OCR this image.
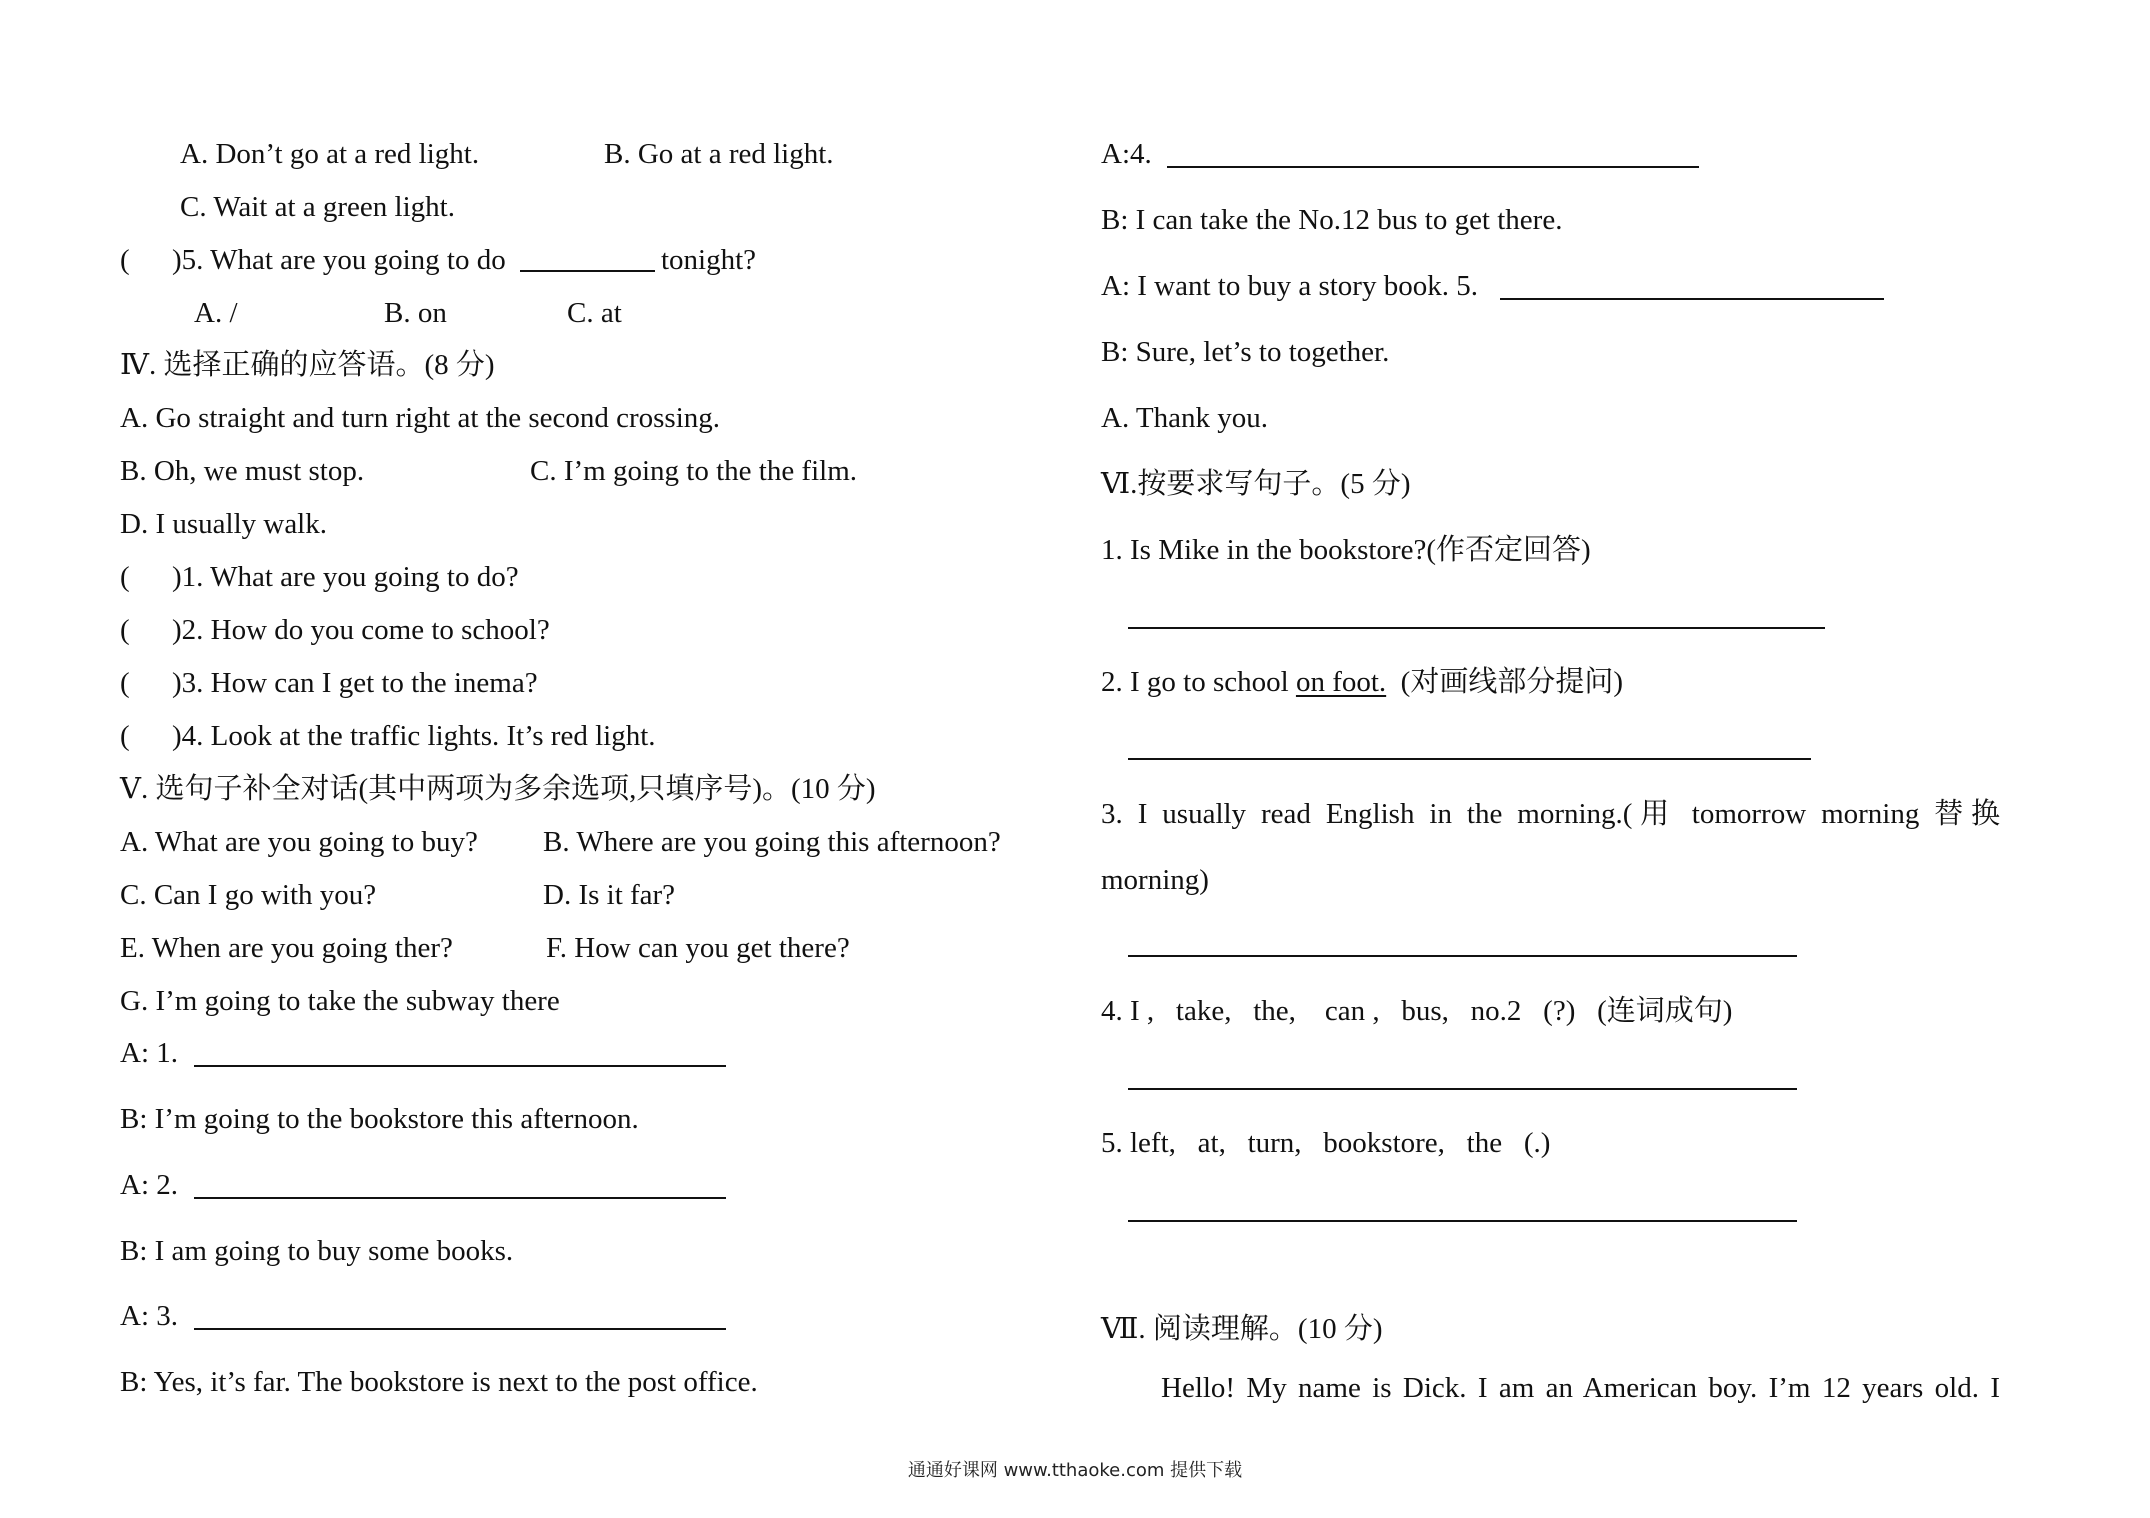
A. Don’t go at a red light.	B. Go at a red light.
C. Wait at a green light.
( )5. What are you going to do	tonight?
A. /	B. on	C. at
Ⅳ. 选择正确的应答语。(8 分)
A. Go straight and turn right at the second crossing.
B. Oh, we must stop.	C. I’m going to the the film.
D. I usually walk.
( )1. What are you going to do?
( )2. How do you come to school?
( )3. How can I get to the inema?
( )4. Look at the traffic lights. It’s red light.
Ⅴ. 选句子补全对话(其中两项为多余选项,只填序号)。(10 分)
A. What are you going to buy? B. Where are you going this afternoon?
C. Can I go with you?	D. Is it far?
E. When are you going ther?	F. How can you get there?
G. I’m going to take the subway there
A: 1.
B: I’m going to the bookstore this afternoon.
A: 2.
B: I am going to buy some books.
A: 3.
B: Yes, it’s far. The bookstore is next to the post office.
A:4.
B: I can take the No.12 bus to get there.
A: I want to buy a story book. 5.
B: Sure, let’s to together.
A. Thank you.
Ⅵ.按要求写句子。(5 分)
1. Is Mike in the bookstore?(作否定回答)
2. I go to school on foot. (对画线部分提问)
3. I usually read English in the morning.(用 tomorrow morning 替换
morning)
4. I ,   take,   the,    can ,   bus,   no.2   (?)   (连词成句)
5. left,   at,   turn,   bookstore,   the   (.)
Ⅶ. 阅读理解。(10 分)
Hello! My name is Dick. I am an American boy. I’m 12 years old. I
通通好课网 www.tthaoke.com 提供下载
